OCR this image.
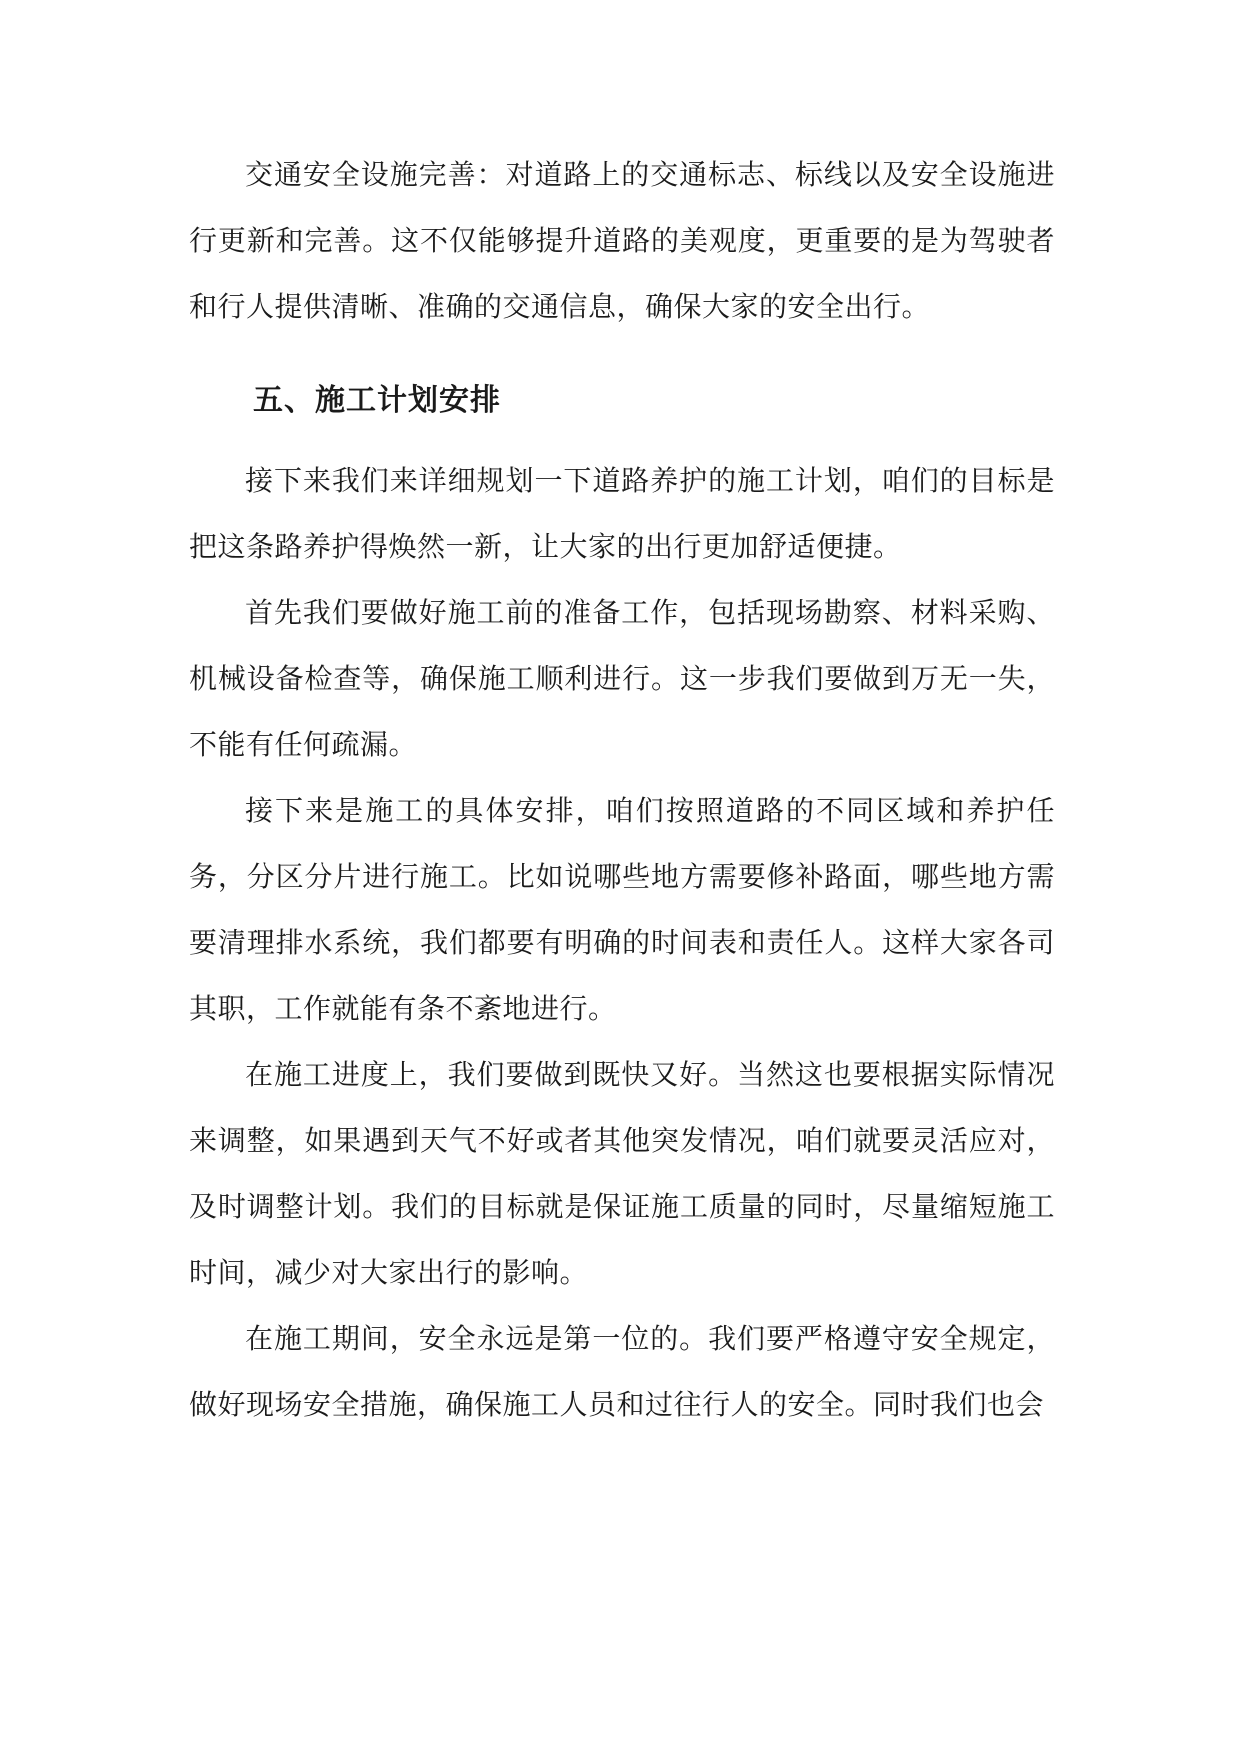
交通安全设施完善：对道路上的交通标志、标线以及安全设施进行更新和完善。这不仅能够提升道路的美观度，更重要的是为驾驶者和行人提供清晰、准确的交通信息，确保大家的安全出行。

五、施工计划安排

接下来我们来详细规划一下道路养护的施工计划，咱们的目标是把这条路养护得焕然一新，让大家的出行更加舒适便捷。

首先我们要做好施工前的准备工作，包括现场勘察、材料采购、机械设备检查等，确保施工顺利进行。这一步我们要做到万无一失，不能有任何疏漏。

接下来是施工的具体安排，咱们按照道路的不同区域和养护任务，分区分片进行施工。比如说哪些地方需要修补路面，哪些地方需要清理排水系统，我们都要有明确的时间表和责任人。这样大家各司其职，工作就能有条不紊地进行。

在施工进度上，我们要做到既快又好。当然这也要根据实际情况来调整，如果遇到天气不好或者其他突发情况，咱们就要灵活应对，及时调整计划。我们的目标就是保证施工质量的同时，尽量缩短施工时间，减少对大家出行的影响。

在施工期间，安全永远是第一位的。我们要严格遵守安全规定，做好现场安全措施，确保施工人员和过往行人的安全。同时我们也会
